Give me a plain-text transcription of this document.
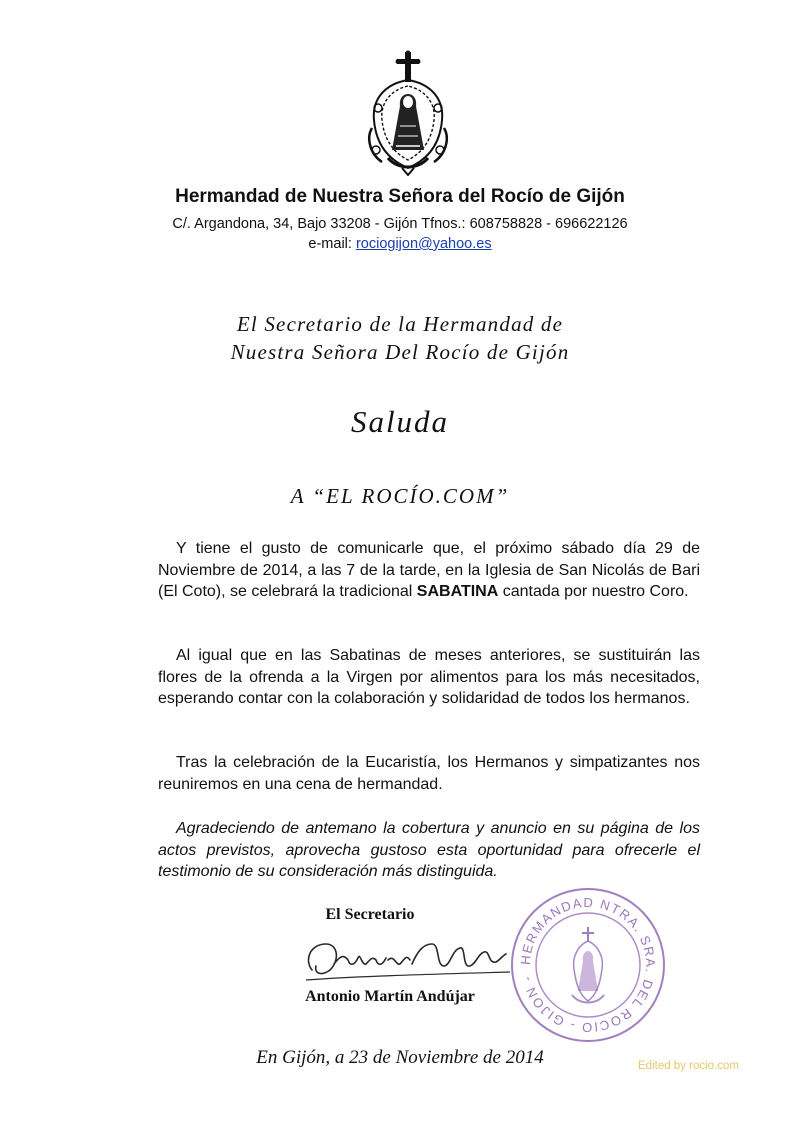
Hermandad de Nuestra Señora del Rocío de Gijón
C/. Argandona, 34, Bajo 33208 - Gijón Tfnos.: 608758828 - 696622126
e-mail: rociogijon@yahoo.es
El Secretario de la Hermandad de
Nuestra Señora Del Rocío de Gijón
Saluda
A “EL ROCÍO.COM”
Y tiene el gusto de comunicarle que, el próximo sábado día 29 de Noviembre de 2014, a las 7 de la tarde, en la Iglesia de San Nicolás de Bari (El Coto), se celebrará la tradicional SABATINA cantada por nuestro Coro.
Al igual que en las Sabatinas de meses anteriores, se sustituirán las flores de la ofrenda a la Virgen por alimentos para los más necesitados, esperando contar con la colaboración y solidaridad de todos los hermanos.
Tras la celebración de la Eucaristía, los Hermanos y simpatizantes nos reuniremos en una cena de hermandad.
Agradeciendo de antemano la cobertura y anuncio en su página de los actos previstos, aprovecha gustoso esta oportunidad para ofrecerle el testimonio de su consideración más distinguida.
El Secretario
Antonio Martín Andújar
HERMANDAD NTRA. SRA. DEL ROCIO - GIJON -
En Gijón, a 23 de Noviembre de 2014	Edited by rocio.com
